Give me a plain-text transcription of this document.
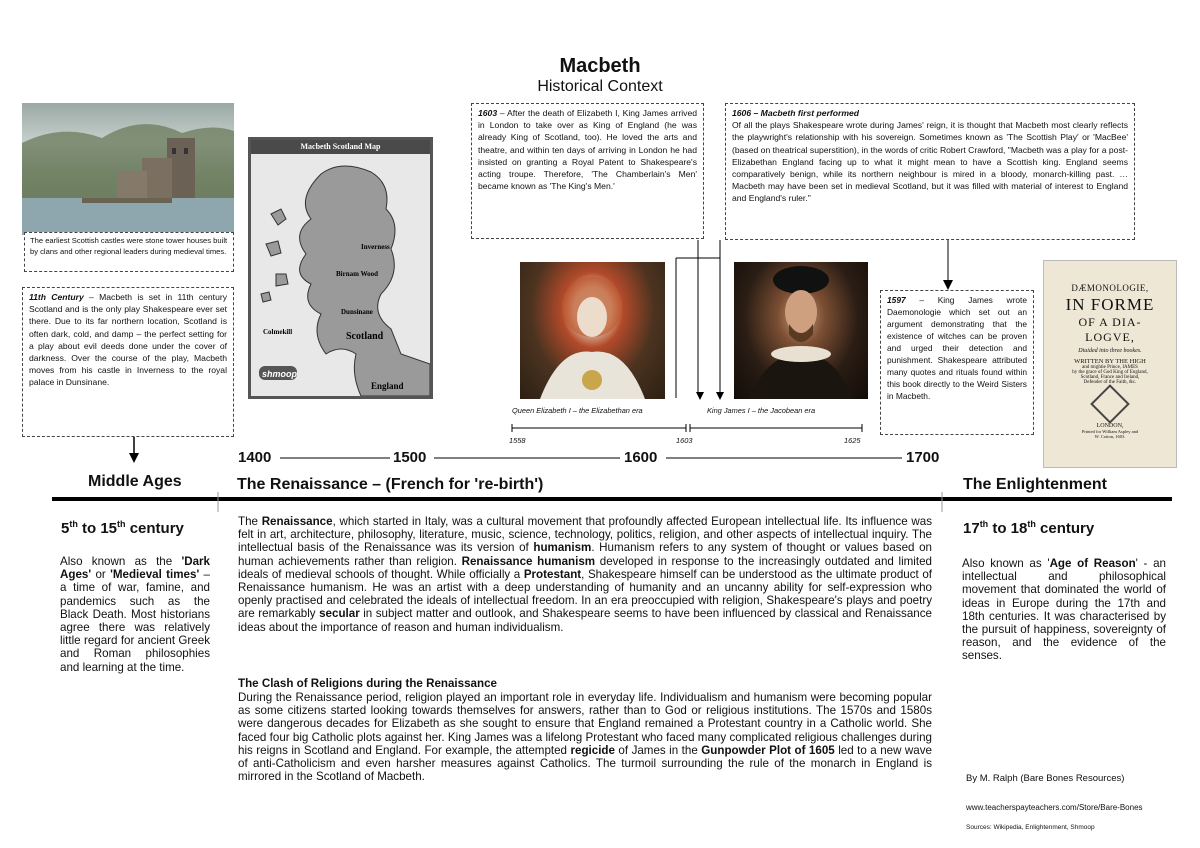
Macbeth
Historical Context
The earliest Scottish castles were stone tower houses built by clans and other regional leaders during medieval times.
Macbeth Scotland Map
Inverness
Birnam Wood
Dunsinane
Colmekill	Scotland
England
shmoop
11th Century – Macbeth is set in 11th century Scotland and is the only play Shakespeare ever set there. Due to its far northern location, Scotland is often dark, cold, and damp – the perfect setting for a play about evil deeds done under the cover of darkness. Over the course of the play, Macbeth moves from his castle in Inverness to the royal palace in Dunsinane.
1603 – After the death of Elizabeth I, King James arrived in London to take over as King of England (he was already King of Scotland, too). He loved the arts and theatre, and within ten days of arriving in London he had insisted on granting a Royal Patent to Shakespeare's acting troupe. Therefore, 'The Chamberlain's Men' became known as 'The King's Men.'
1606 – Macbeth first performed
Of all the plays Shakespeare wrote during James' reign, it is thought that Macbeth most clearly reflects the playwright's relationship with his sovereign. Sometimes known as 'The Scottish Play' or 'MacBee' (based on theatrical superstition), in the words of critic Robert Crawford, "Macbeth was a play for a post-Elizabethan England facing up to what it might mean to have a Scottish king. England seems comparatively benign, while its northern neighbour is mired in a bloody, monarch-killing past. … Macbeth may have been set in medieval Scotland, but it was filled with material of interest to England and England's ruler."
Queen Elizabeth I – the Elizabethan era	King James I – the Jacobean era
1558	1603	1625
1597 – King James wrote Daemonologie which set out an argument demonstrating that the existence of witches can be proven and urged their detection and punishment. Shakespeare attributed many quotes and rituals found within this book directly to the Weird Sisters in Macbeth.
DÆMONOLOGIE,
IN FORME
OF A DIA-
LOGVE,
Diuided into three bookes.
WRITTEN BY THE HIGH
and mightie Prince, IAMES
by the grace of God King of England,
Scotland, France and Ireland,
Defender of the Faith, &c.
LONDON,
Printed for William Aspley and
W. Cotton, 1603.
1400	1500	1600	1700
Middle Ages	The Renaissance – (French for 're-birth')	The Enlightenment
5th to 15th century
Also known as the 'Dark Ages' or 'Medieval times' – a time of war, famine, and pandemics such as the Black Death. Most historians agree there was relatively little regard for ancient Greek and Roman philosophies and learning at the time.
The Renaissance, which started in Italy, was a cultural movement that profoundly affected European intellectual life. Its influence was felt in art, architecture, philosophy, literature, music, science, technology, politics, religion, and other aspects of intellectual inquiry. The intellectual basis of the Renaissance was its version of humanism. Humanism refers to any system of thought or values based on human achievements rather than religion. Renaissance humanism developed in response to the increasingly outdated and limited ideals of medieval schools of thought. While officially a Protestant, Shakespeare himself can be understood as the ultimate product of Renaissance humanism. He was an artist with a deep understanding of humanity and an uncanny ability for self-expression who openly practised and celebrated the ideals of intellectual freedom. In an era preoccupied with religion, Shakespeare's plays and poetry are remarkably secular in subject matter and outlook, and Shakespeare seems to have been influenced by classical and Renaissance ideas about the importance of reason and human individualism.
The Clash of Religions during the Renaissance
During the Renaissance period, religion played an important role in everyday life. Individualism and humanism were becoming popular as some citizens started looking towards themselves for answers, rather than to God or religious institutions. The 1570s and 1580s were dangerous decades for Elizabeth as she sought to ensure that England remained a Protestant country in a Catholic world. She faced four big Catholic plots against her. King James was a lifelong Protestant who faced many complicated religious challenges during his reigns in Scotland and England. For example, the attempted regicide of James in the Gunpowder Plot of 1605 led to a new wave of anti-Catholicism and even harsher measures against Catholics. The turmoil surrounding the rule of the monarch in England is mirrored in the Scotland of Macbeth.
17th to 18th century
Also known as 'Age of Reason' - an intellectual and philosophical movement that dominated the world of ideas in Europe during the 17th and 18th centuries. It was characterised by the pursuit of happiness, sovereignty of reason, and the evidence of the senses.
By M. Ralph (Bare Bones Resources)
www.teacherspayteachers.com/Store/Bare-Bones
Sources: Wikipedia, Enlightenment, Shmoop
